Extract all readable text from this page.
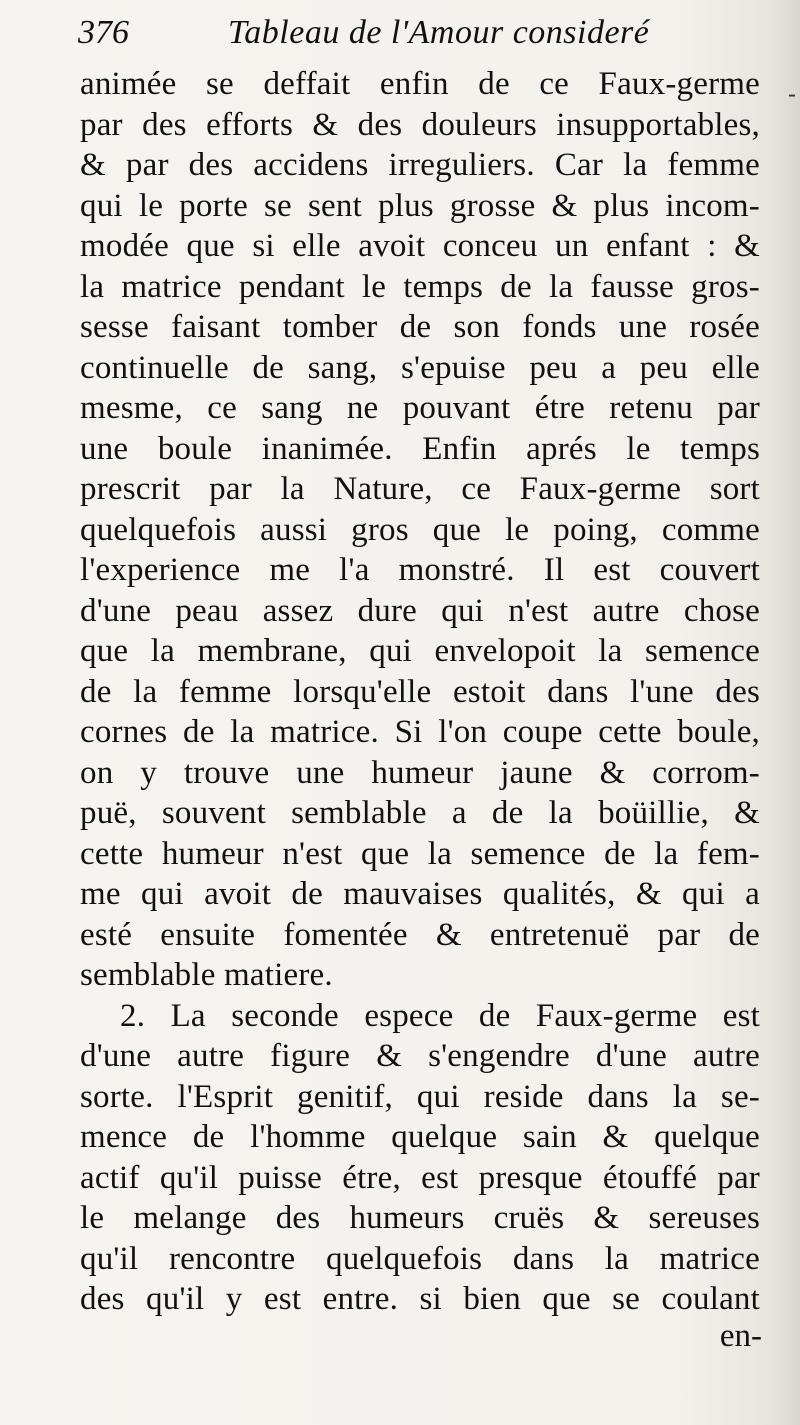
376	Tableau de l'Amour consideré
-
animée se deffait enfin de ce Faux-germe
par des efforts & des douleurs insupportables,
& par des accidens irreguliers. Car la femme
qui le porte se sent plus grosse & plus incom-
modée que si elle avoit conceu un enfant : &
la matrice pendant le temps de la fausse gros-
sesse faisant tomber de son fonds une rosée
continuelle de sang, s'epuise peu a peu elle
mesme, ce sang ne pouvant étre retenu par
une boule inanimée. Enfin aprés le temps
prescrit par la Nature, ce Faux-germe sort
quelquefois aussi gros que le poing, comme
l'experience me l'a monstré. Il est couvert
d'une peau assez dure qui n'est autre chose
que la membrane, qui envelopoit la semence
de la femme lorsqu'elle estoit dans l'une des
cornes de la matrice. Si l'on coupe cette boule,
on y trouve une humeur jaune & corrom-
puë, souvent semblable a de la boüillie, &
cette humeur n'est que la semence de la fem-
me qui avoit de mauvaises qualités, & qui a
esté ensuite fomentée & entretenuë par de
semblable matiere.
2. La seconde espece de Faux-germe est
d'une autre figure & s'engendre d'une autre
sorte. l'Esprit genitif, qui reside dans la se-
mence de l'homme quelque sain & quelque
actif qu'il puisse étre, est presque étouffé par
le melange des humeurs cruës & sereuses
qu'il rencontre quelquefois dans la matrice
des qu'il y est entre. si bien que se coulant
en-
